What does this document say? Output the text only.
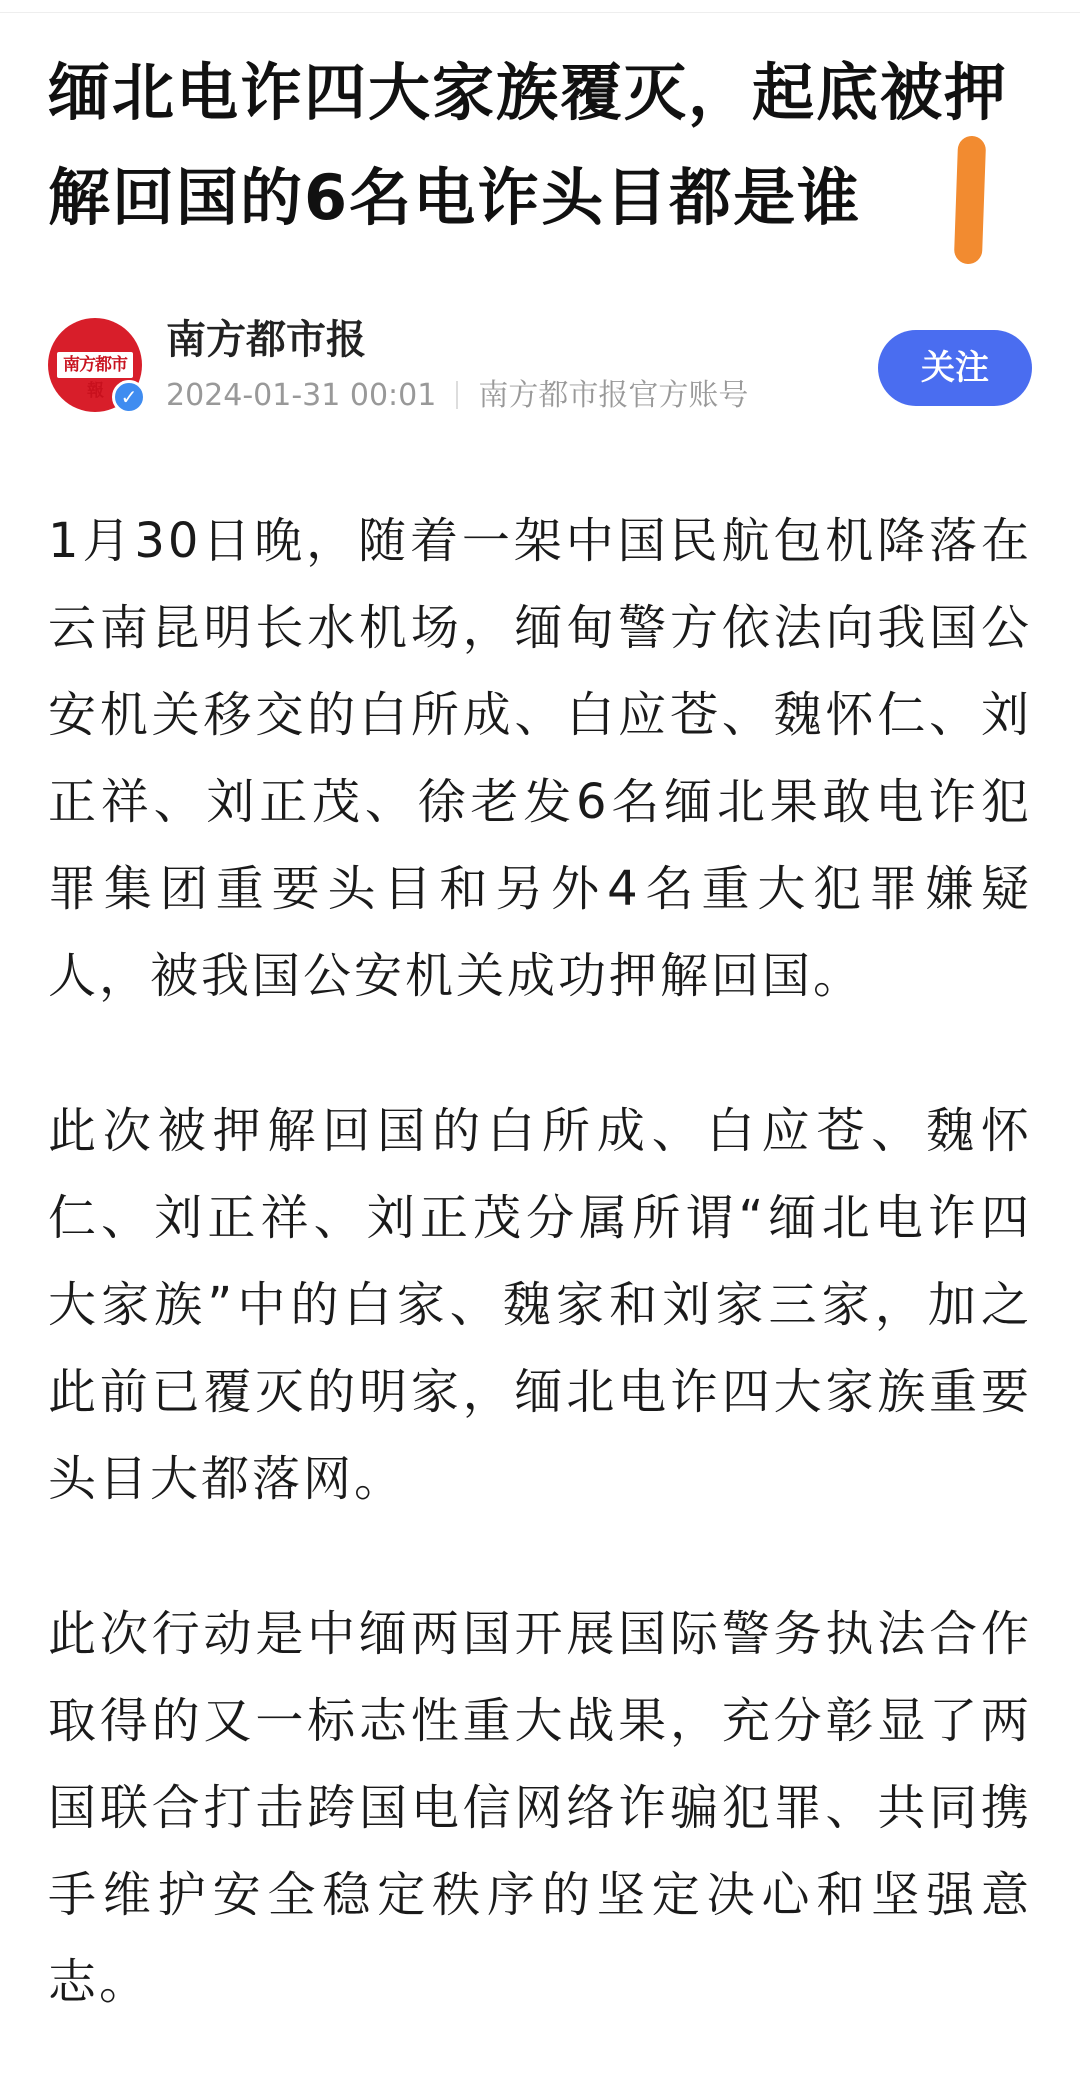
缅北电诈四大家族覆灭，起底被押解回国的6名电诈头目都是谁
南方都市報 ✓
南方都市报
2024-01-31 00:01 南方都市报官方账号
关注

1月30日晚，随着一架中国民航包机降落在云南昆明长水机场，缅甸警方依法向我国公安机关移交的白所成、白应苍、魏怀仁、刘正祥、刘正茂、徐老发6名缅北果敢电诈犯罪集团重要头目和另外4名重大犯罪嫌疑人，被我国公安机关成功押解回国。

此次被押解回国的白所成、白应苍、魏怀仁、刘正祥、刘正茂分属所谓“缅北电诈四大家族”中的白家、魏家和刘家三家，加之此前已覆灭的明家，缅北电诈四大家族重要头目大都落网。

此次行动是中缅两国开展国际警务执法合作取得的又一标志性重大战果，充分彰显了两国联合打击跨国电信网络诈骗犯罪、共同携手维护安全稳定秩序的坚定决心和坚强意志。
